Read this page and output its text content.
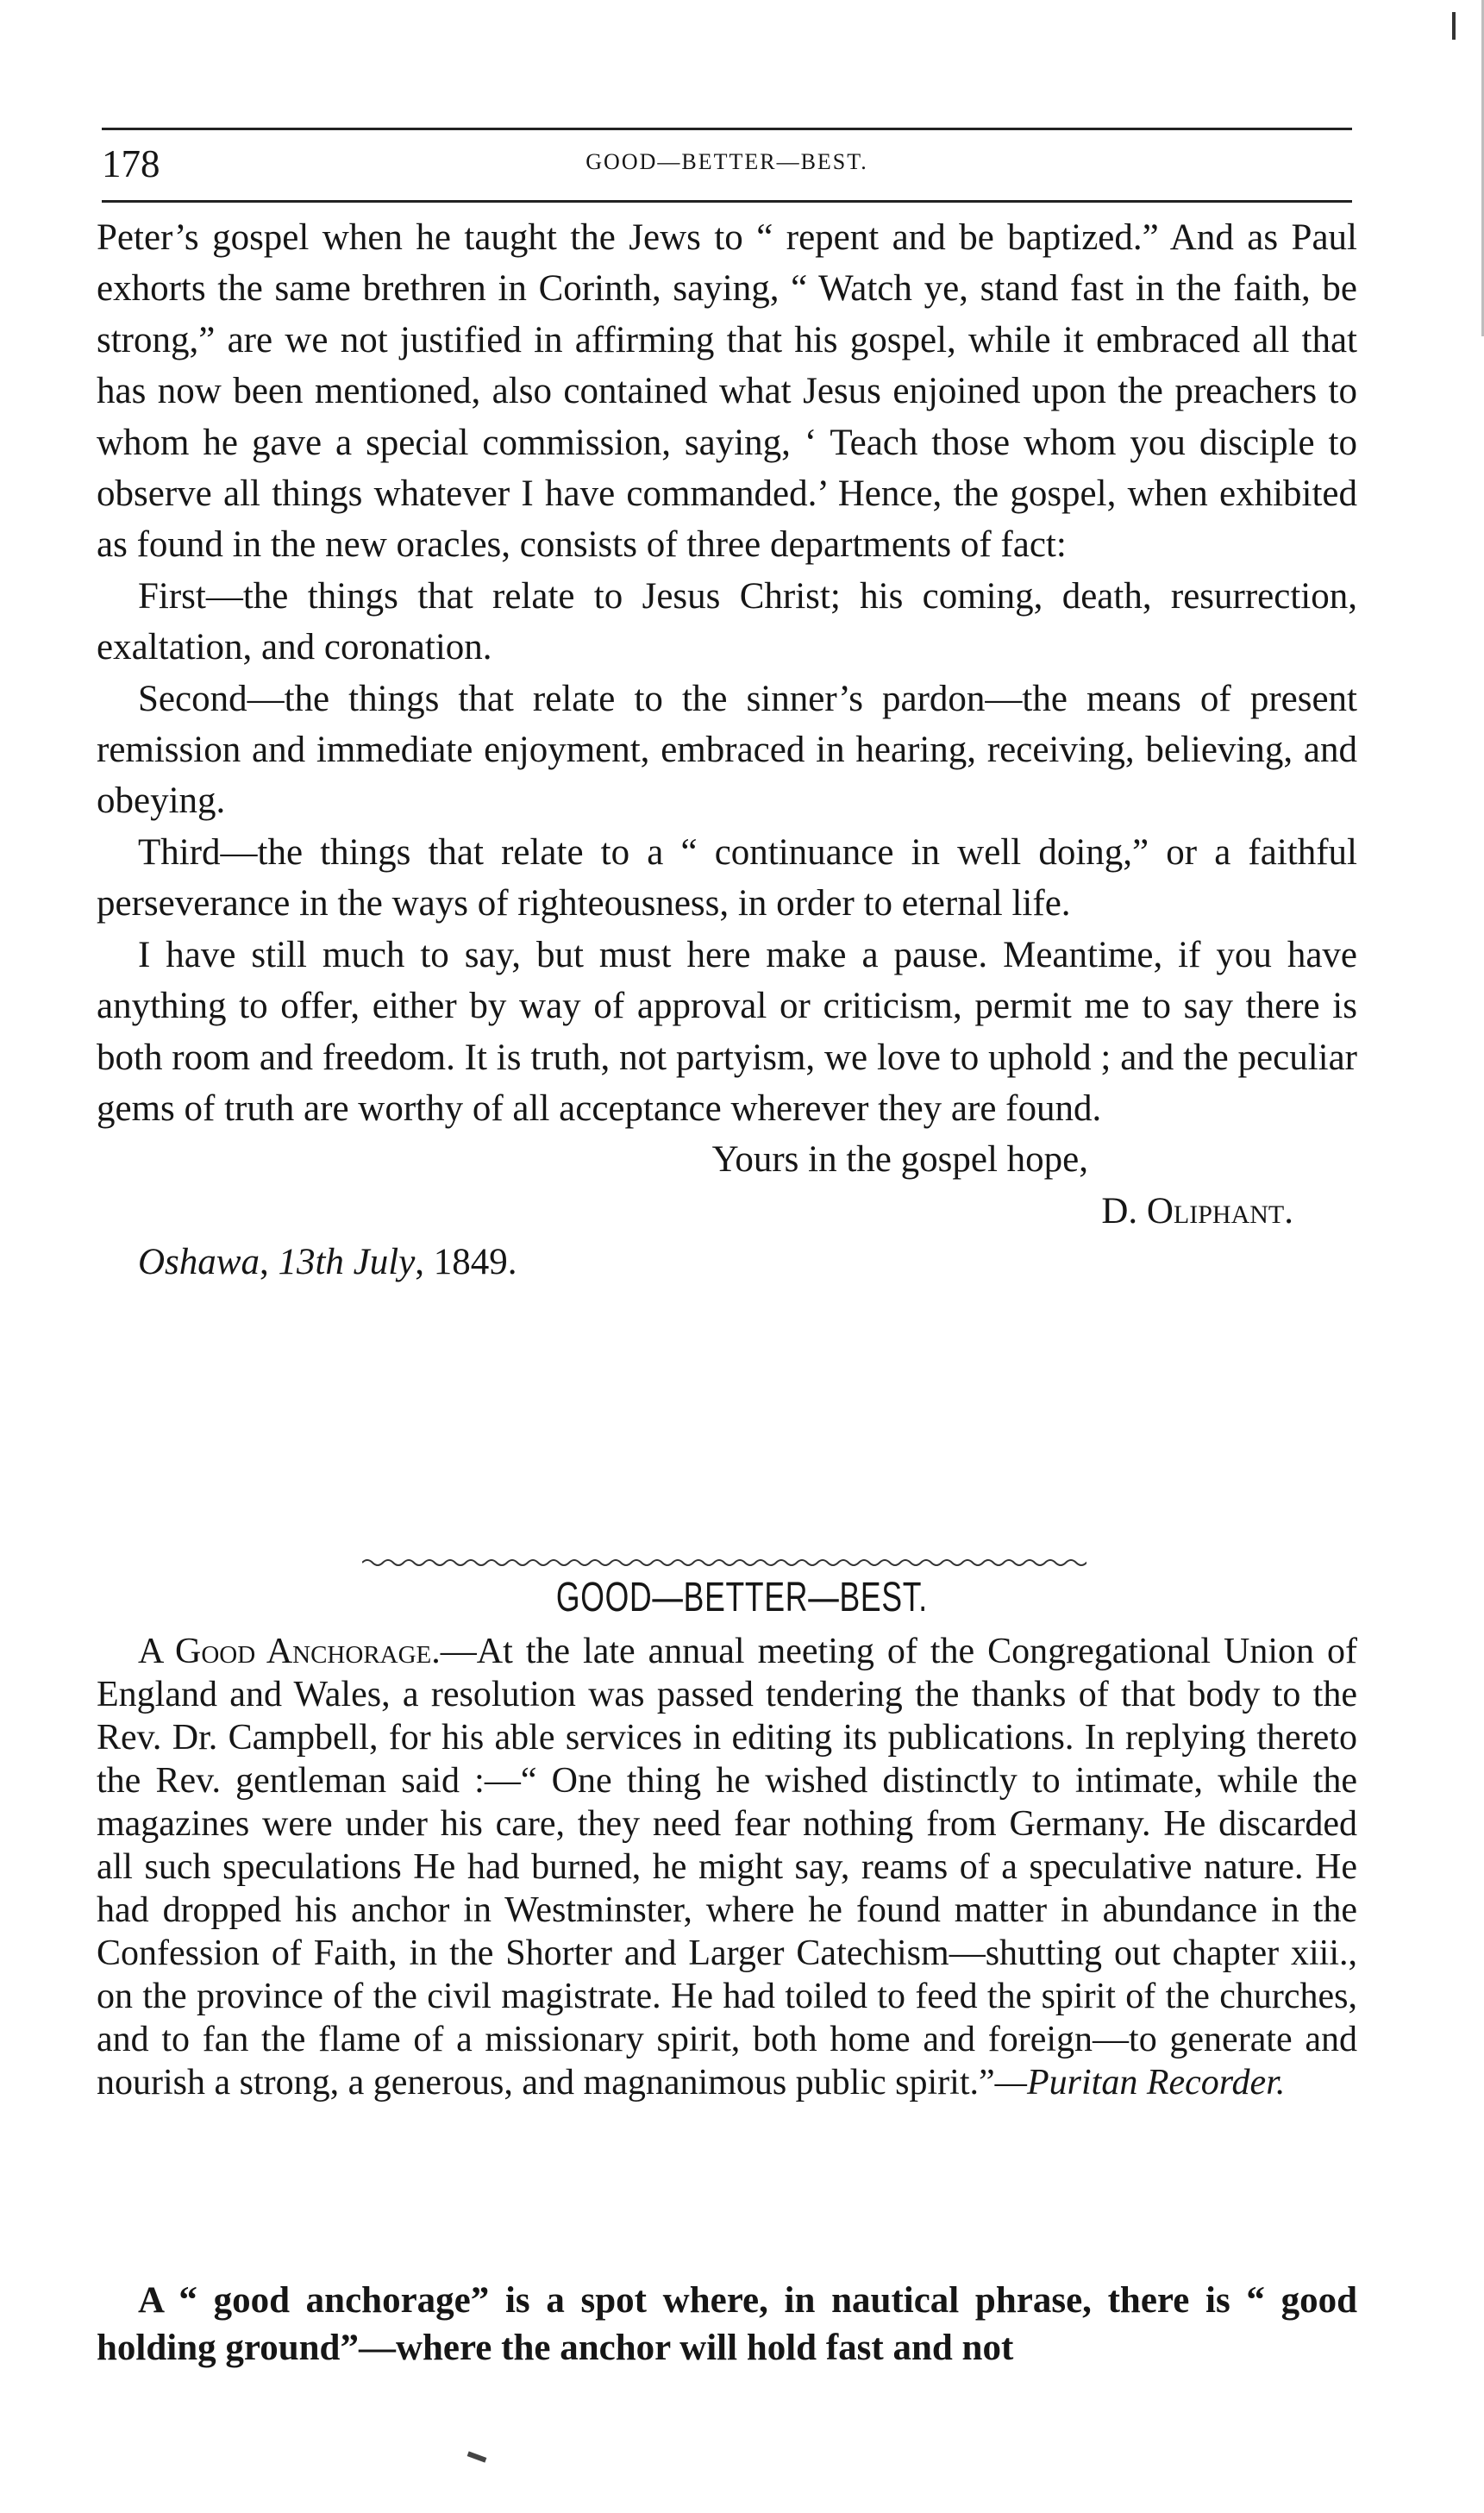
178	GOOD—BETTER—BEST.

Peter’s gospel when he taught the Jews to “ repent and be baptized.” And as Paul exhorts the same brethren in Corinth, saying, “ Watch ye, stand fast in the faith, be strong,” are we not justified in affirming that his gospel, while it embraced all that has now been mentioned, also contained what Jesus enjoined upon the preachers to whom he gave a special commission, saying, ‘ Teach those whom you disciple to observe all things whatever I have commanded.’ Hence, the gospel, when exhibited as found in the new oracles, consists of three departments of fact:

First—the things that relate to Jesus Christ; his coming, death, resurrection, exaltation, and coronation.

Second—the things that relate to the sinner’s pardon—the means of present remission and immediate enjoyment, embraced in hearing, receiving, believing, and obeying.

Third—the things that relate to a “ continuance in well doing,” or a faithful perseverance in the ways of righteousness, in order to eternal life.

I have still much to say, but must here make a pause. Meantime, if you have anything to offer, either by way of approval or criticism, permit me to say there is both room and freedom. It is truth, not partyism, we love to uphold ; and the peculiar gems of truth are worthy of all acceptance wherever they are found.

Yours in the gospel hope,

D. Oliphant.

Oshawa, 13th July, 1849.

GOOD—BETTER—BEST.

A Good Anchorage.—At the late annual meeting of the Congregational Union of England and Wales, a resolution was passed tendering the thanks of that body to the Rev. Dr. Campbell, for his able services in editing its publications. In replying thereto the Rev. gentleman said :—“ One thing he wished distinctly to intimate, while the magazines were under his care, they need fear nothing from Germany. He discarded all such speculations He had burned, he might say, reams of a speculative nature. He had dropped his anchor in Westminster, where he found matter in abundance in the Confession of Faith, in the Shorter and Larger Catechism—shutting out chapter xiii., on the province of the civil magistrate. He had toiled to feed the spirit of the churches, and to fan the flame of a missionary spirit, both home and foreign—to generate and nourish a strong, a generous, and magnanimous public spirit.”—Puritan Recorder.

A “ good anchorage” is a spot where, in nautical phrase, there is “ good holding ground”—where the anchor will hold fast and not
